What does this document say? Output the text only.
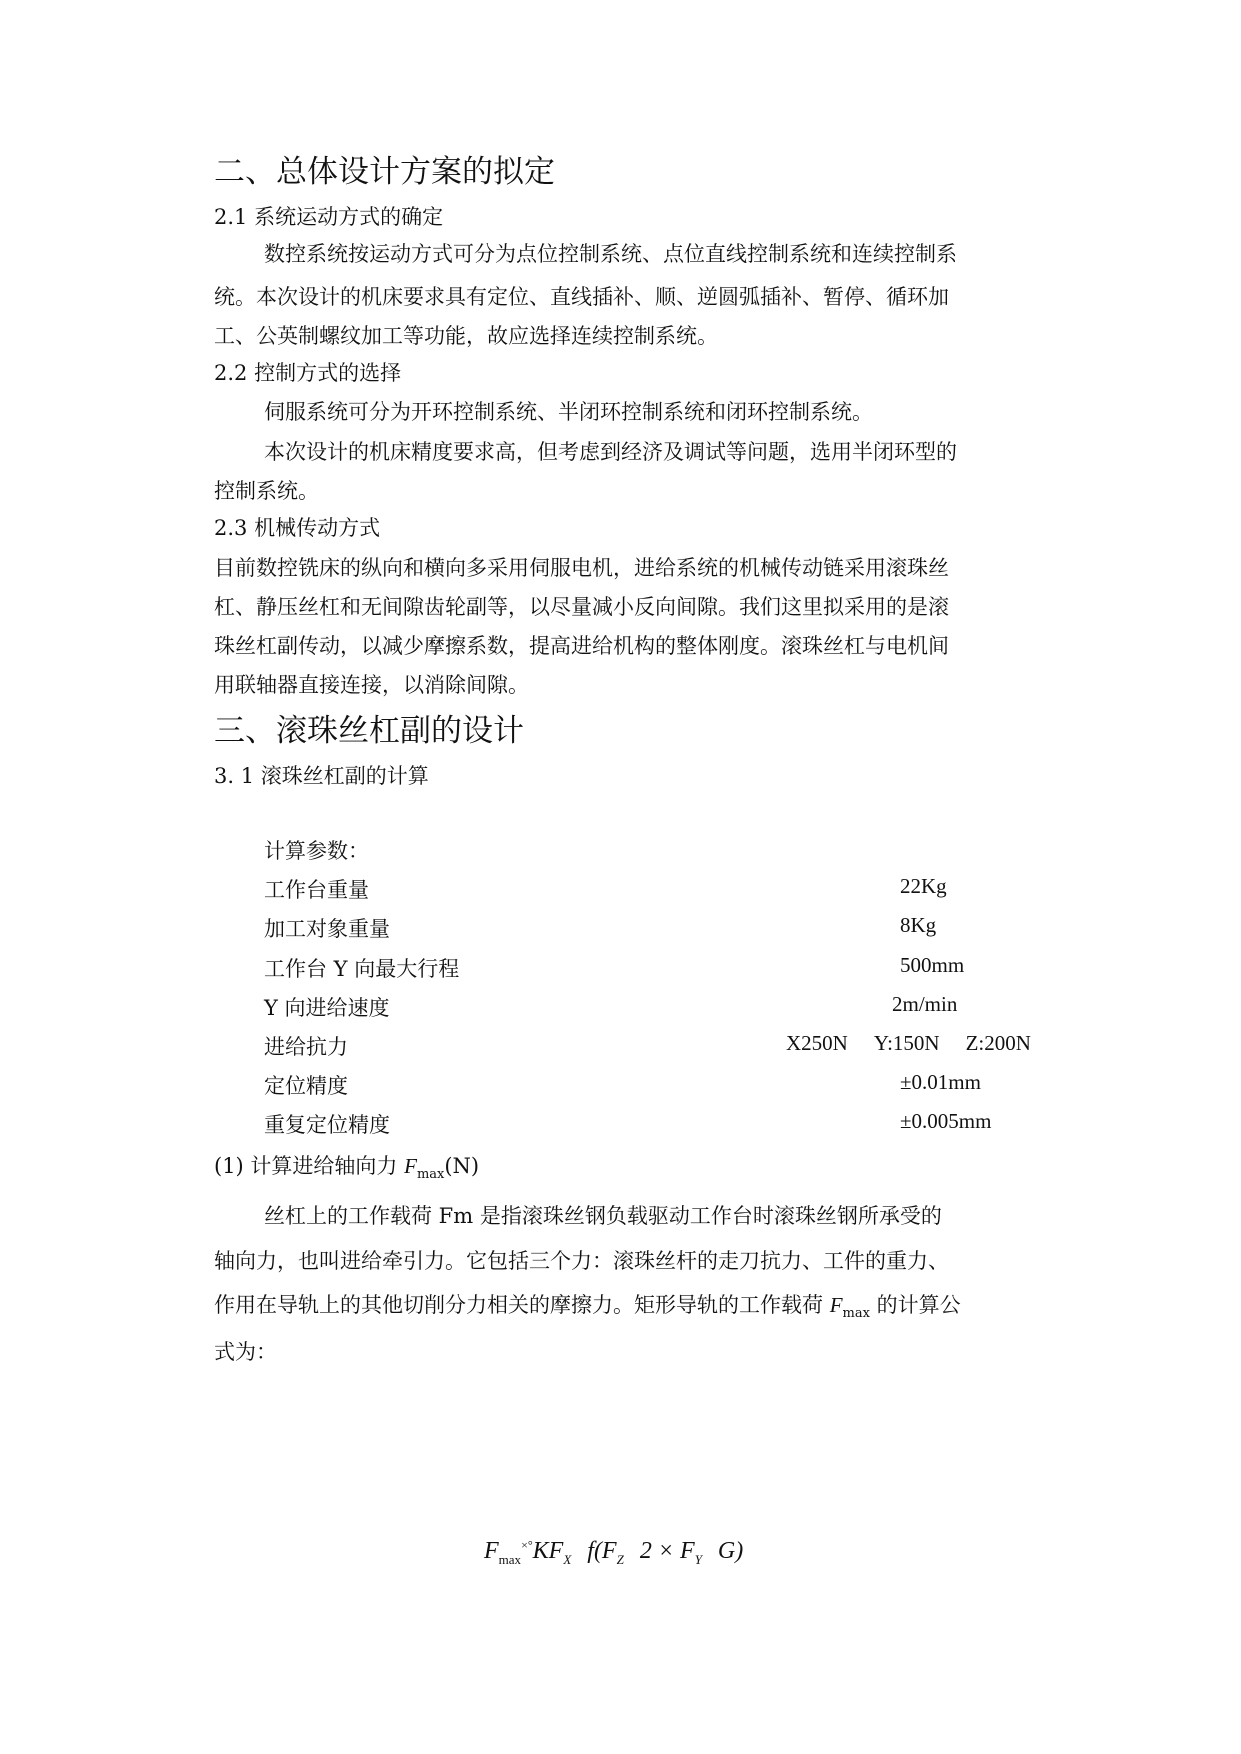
二、总体设计方案的拟定
2.1 系统运动方式的确定
数控系统按运动方式可分为点位控制系统、点位直线控制系统和连续控制系
统。本次设计的机床要求具有定位、直线插补、顺、逆圆弧插补、暂停、循环加
工、公英制螺纹加工等功能，故应选择连续控制系统。
2.2 控制方式的选择
伺服系统可分为开环控制系统、半闭环控制系统和闭环控制系统。
本次设计的机床精度要求高，但考虑到经济及调试等问题，选用半闭环型的
控制系统。
2.3 机械传动方式
目前数控铣床的纵向和横向多采用伺服电机，进给系统的机械传动链采用滚珠丝
杠、静压丝杠和无间隙齿轮副等，以尽量减小反向间隙。我们这里拟采用的是滚
珠丝杠副传动，以减少摩擦系数，提高进给机构的整体刚度。滚珠丝杠与电机间
用联轴器直接连接，以消除间隙。
三、滚珠丝杠副的设计
3. 1 滚珠丝杠副的计算
计算参数：
工作台重量	22Kg
加工对象重量	8Kg
工作台 Y 向最大行程	500mm
Y 向进给速度	2m/min
进给抗力	X250N Y:150N Z:200N
定位精度	±0.01mm
重复定位精度	±0.005mm
(1) 计算进给轴向力 $F_{max}(N)$
丝杠上的工作载荷 Fm 是指滚珠丝钢负载驱动工作台时滚珠丝钢所承受的
轴向力，也叫进给牵引力。它包括三个力：滚珠丝杆的走刀抗力、工件的重力、
作用在导轨上的其他切削分力相关的摩擦力。矩形导轨的工作载荷 $F_{max}$ 的计算公
式为：
$F_{max}^{\times^\circ}KF_X$ $f(F_Z$ $2 \times F_Y$ G)
